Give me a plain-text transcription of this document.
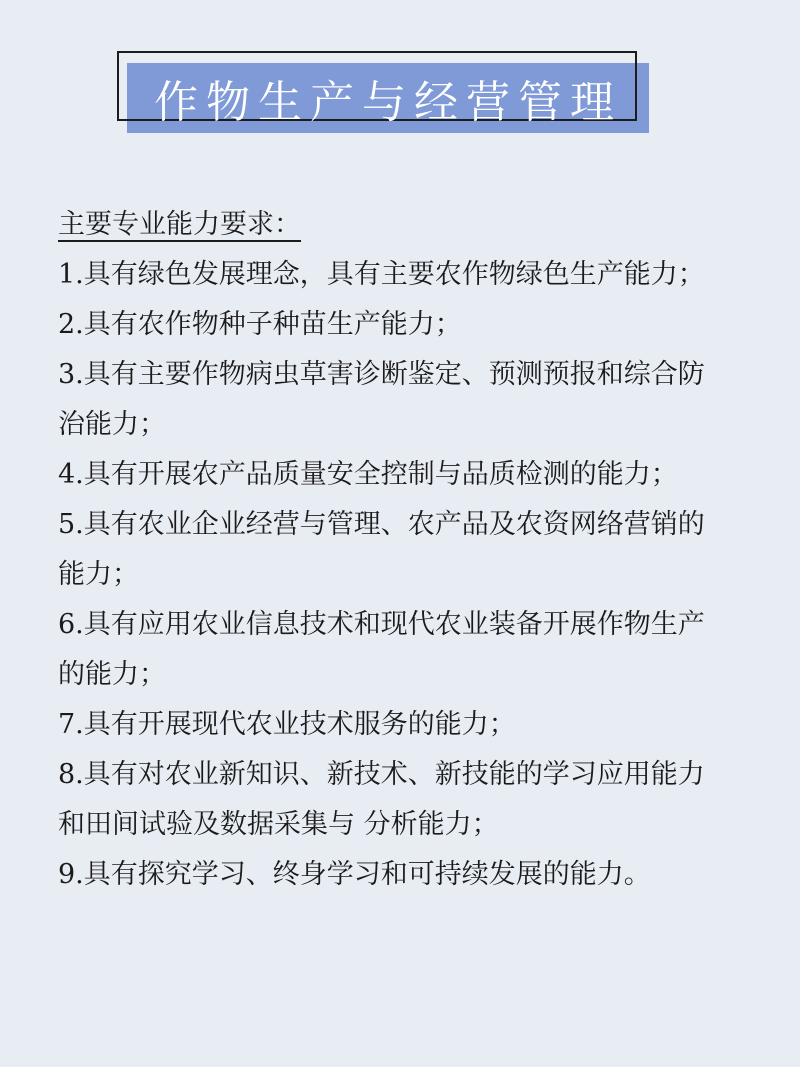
作物生产与经营管理
主要专业能力要求：
1.具有绿色发展理念，具有主要农作物绿色生产能力；
2.具有农作物种子种苗生产能力；
3.具有主要作物病虫草害诊断鉴定、预测预报和综合防
治能力；
4.具有开展农产品质量安全控制与品质检测的能力；
5.具有农业企业经营与管理、农产品及农资网络营销的
能力；
6.具有应用农业信息技术和现代农业装备开展作物生产
的能力；
7.具有开展现代农业技术服务的能力；
8.具有对农业新知识、新技术、新技能的学习应用能力
和田间试验及数据采集与 分析能力；
9.具有探究学习、终身学习和可持续发展的能力。
